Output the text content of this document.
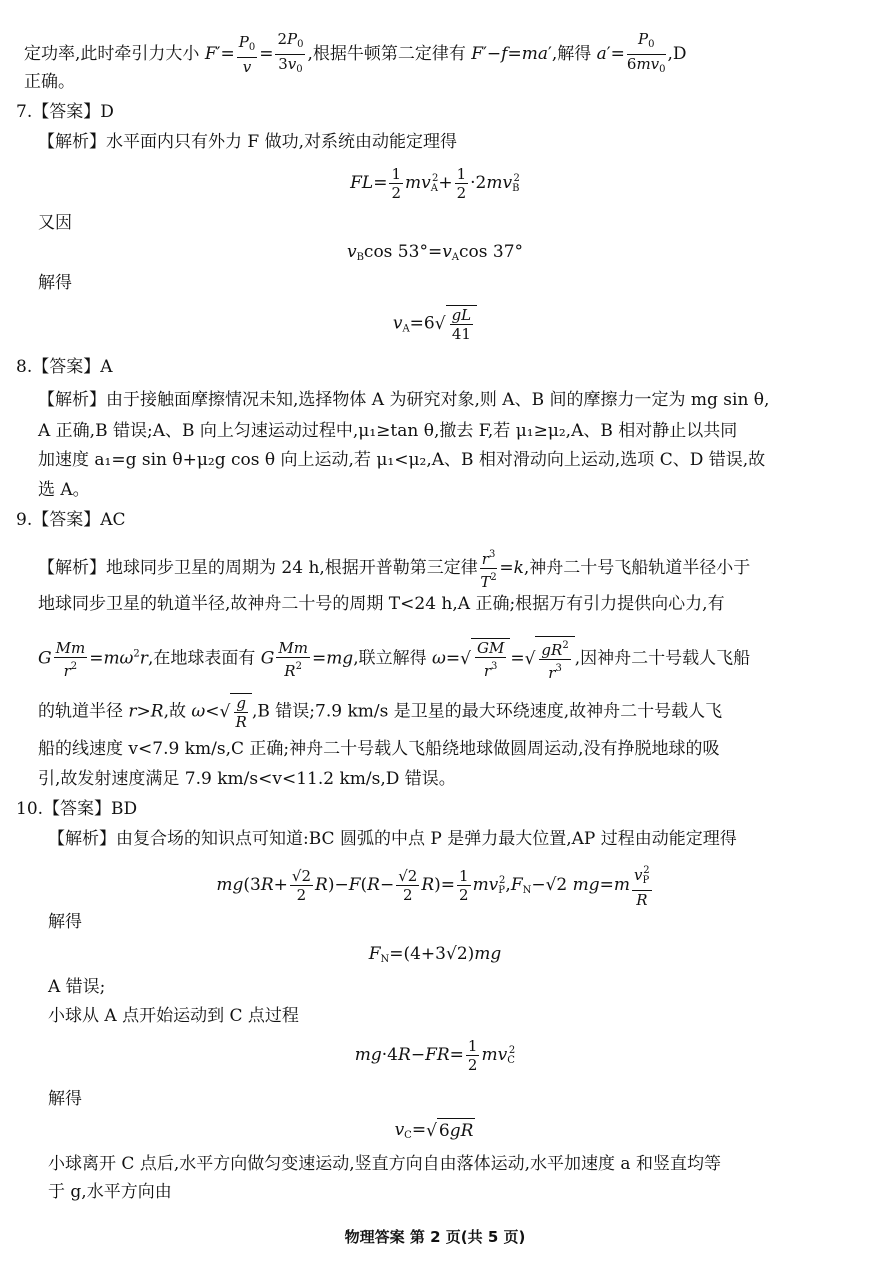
定功率,此时牵引力大小 $F'= \frac{P_0}{v} = \frac{2P_0}{3v_0}$ ,根据牛顿第二定律有 F′−f=ma′,解得 $a'= \frac{P_0}{6mv_0} ,D$
正确。
7.【答案】D
【解析】水平面内只有外力 F 做功,对系统由动能定理得
$FL= \frac{1}{2} mv_A^2+ \frac{1}{2} \cdot 2mv_B^2$
又因
$v_B\cos$ $53^\circ=v_A\cos$ 37°
解得
$v_A=6√ \frac{gL}{41}$
8.【答案】A
【解析】由于接触面摩擦情况未知,选择物体 A 为研究对象,则 A、B 间的摩擦力一定为 mg sin θ,
A 正确,B 错误;A、B 向上匀速运动过程中,μ₁≥tan θ,撤去 F,若 μ₁≥μ₂,A、B 相对静止以共同
加速度 a₁=g sin θ+μ₂g cos θ 向上运动,若 μ₁<μ₂,A、B 相对滑动向上运动,选项 C、D 错误,故
选 A。
9.【答案】AC
【解析】地球同步卫星的周期为 24 h,根据开普勒第三定律 $\frac{r^3}{T^2} =k$,神舟二十号飞船轨道半径小于
地球同步卫星的轨道半径,故神舟二十号的周期 T<24 h,A 正确;根据万有引力提供向心力,有
G $\frac{Mm}{r^2} =m\omega^2r$,在地球表面有 G $\frac{Mm}{R^2} =mg$,联立解得 $\omega=√ \frac{GM}{r^3}$ =√ $\frac{gR^2}{r^3}$ ,因神舟二十号载人飞船
的轨道半径 r>R,故 $\omega<√ \frac{g}{R} ,B$ 错误;7.9 km/s 是卫星的最大环绕速度,故神舟二十号载人飞
船的线速度 v<7.9 km/s,C 正确;神舟二十号载人飞船绕地球做圆周运动,没有挣脱地球的吸
引,故发射速度满足 7.9 km/s<v<11.2 km/s,D 错误。
10.【答案】BD
【解析】由复合场的知识点可知道:BC 圆弧的中点 P 是弹力最大位置,AP 过程由动能定理得
$mg(3R+ \frac{√2}{2} R)-F(R- \frac{√2}{2} R)= \frac{1}{2} mv_P^2,F_N-√2$ $mg=m \frac{v_P^2}{R}$
解得
$F_N=(4+3√2)mg$
A 错误;
小球从 A 点开始运动到 C 点过程
$mg\cdot 4R-FR= \frac{1}{2} mv_C^2$
解得
$v_C=√$ 6gR
小球离开 C 点后,水平方向做匀变速运动,竖直方向自由落体运动,水平加速度 a 和竖直均等
于 g,水平方向由
物理答案 第 2 页(共 5 页)
